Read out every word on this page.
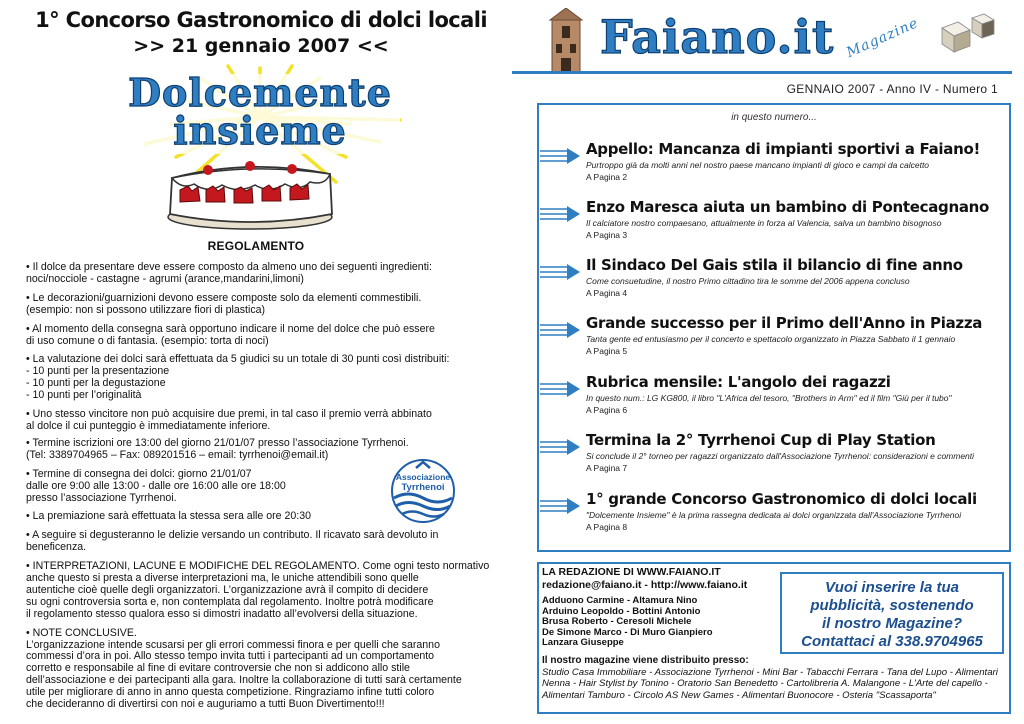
1° Concorso Gastronomico di dolci locali
>> 21 gennaio 2007 <<
Dolcemente
insieme
REGOLAMENTO
• Il dolce da presentare deve essere composto da almeno uno dei seguenti ingredienti:
noci/nocciole - castagne - agrumi (arance,mandarini,limoni)
• Le decorazioni/guarnizioni devono essere composte solo da elementi commestibili.
(esempio: non si possono utilizzare fiori di plastica)
• Al momento della consegna sarà opportuno indicare il nome del dolce che può essere
di uso comune o di fantasia. (esempio: torta di noci)
• La valutazione dei dolci sarà effettuata da 5 giudici su un totale di 30 punti così distribuiti:
- 10 punti per la presentazione
- 10 punti per la degustazione
- 10 punti per l’originalità
• Uno stesso vincitore non può acquisire due premi, in tal caso il premio verrà abbinato
al dolce il cui punteggio è immediatamente inferiore.
• Termine iscrizioni ore 13:00 del giorno 21/01/07 presso l’associazione Tyrrhenoi.
(Tel: 3389704965 – Fax: 089201516 – email: tyrrhenoi@email.it)
• Termine di consegna dei dolci: giorno 21/01/07
dalle ore 9:00 alle 13:00 - dalle ore 16:00 alle ore 18:00
presso l’associazione Tyrrhenoi.
• La premiazione sarà effettuata la stessa sera alle ore 20:30
• A seguire si degusteranno le delizie versando un contributo. Il ricavato sarà devoluto in
beneficenza.
• INTERPRETAZIONI, LACUNE E MODIFICHE DEL REGOLAMENTO. Come ogni testo normativo
anche questo si presta a diverse interpretazioni ma, le uniche attendibili sono quelle
autentiche cioè quelle degli organizzatori. L’organizzazione avrà il compito di decidere
su ogni controversia sorta e, non contemplata dal regolamento. Inoltre potrà modificare
il regolamento stesso qualora esso si dimostri inadatto all’evolversi della situazione.
• NOTE CONCLUSIVE.
L’organizzazione intende scusarsi per gli errori commessi finora e per quelli che saranno
commessi d’ora in poi. Allo stesso tempo invita tutti i partecipanti ad un comportamento
corretto e responsabile al fine di evitare controversie che non si addicono allo stile
dell’associazione e dei partecipanti alla gara. Inoltre la collaborazione di tutti sarà certamente
utile per migliorare di anno in anno questa competizione. Ringraziamo infine tutti coloro
che decideranno di divertirsi con noi e auguriamo a tutti Buon Divertimento!!!
Associazione
Tyrrhenoi
Faiano.it Magazine
GENNAIO 2007 - Anno IV - Numero 1
in questo numero...
Appello: Mancanza di impianti sportivi a Faiano!
Purtroppo già da molti anni nel nostro paese mancano impianti di gioco e campi da calcetto
A Pagina 2
Enzo Maresca aiuta un bambino di Pontecagnano
Il calciatore nostro compaesano, attualmente in forza al Valencia, salva un bambino bisognoso
A Pagina 3
Il Sindaco Del Gais stila il bilancio di fine anno
Come consuetudine, il nostro Primo cittadino tira le somme del 2006 appena concluso
A Pagina 4
Grande successo per il Primo dell'Anno in Piazza
Tanta gente ed entusiasmo per il concerto e spettacolo organizzato in Piazza Sabbato il 1 gennaio
A Pagina 5
Rubrica mensile: L'angolo dei ragazzi
In questo num.: LG KG800, il libro "L'Africa del tesoro, "Brothers in Arm" ed il film "Giù per il tubo"
A Pagina 6
Termina la 2° Tyrrhenoi Cup di Play Station
Si conclude il 2° torneo per ragazzi organizzato dall'Associazione Tyrrhenoi: considerazioni e commenti
A Pagina 7
1° grande Concorso Gastronomico di dolci locali
"Dolcemente Insieme" è la prima rassegna dedicata ai dolci organizzata dall'Associazione Tyrrhenoi
A Pagina 8
LA REDAZIONE DI WWW.FAIANO.IT
redazione@faiano.it - http://www.faiano.it
Adduono Carmine - Altamura Nino
Arduino Leopoldo - Bottini Antonio
Brusa Roberto - Ceresoli Michele
De Simone Marco - Di Muro Gianpiero
Lanzara Giuseppe
Vuoi inserire la tua
pubblicità, sostenendo
il nostro Magazine?
Contattaci al 338.9704965
Il nostro magazine viene distribuito presso:
Studio Casa Immobiliare - Associazione Tyrrhenoi - Mini Bar - Tabacchi Ferrara - Tana del Lupo - Alimentari Nenna - Hair Stylist by Tonino - Oratorio San Benedetto - Cartolibreria A. Malangone - L'Arte del capello - Alimentari Tamburo - Circolo AS New Games - Alimentari Buonocore - Osteria "Scassaporta"
